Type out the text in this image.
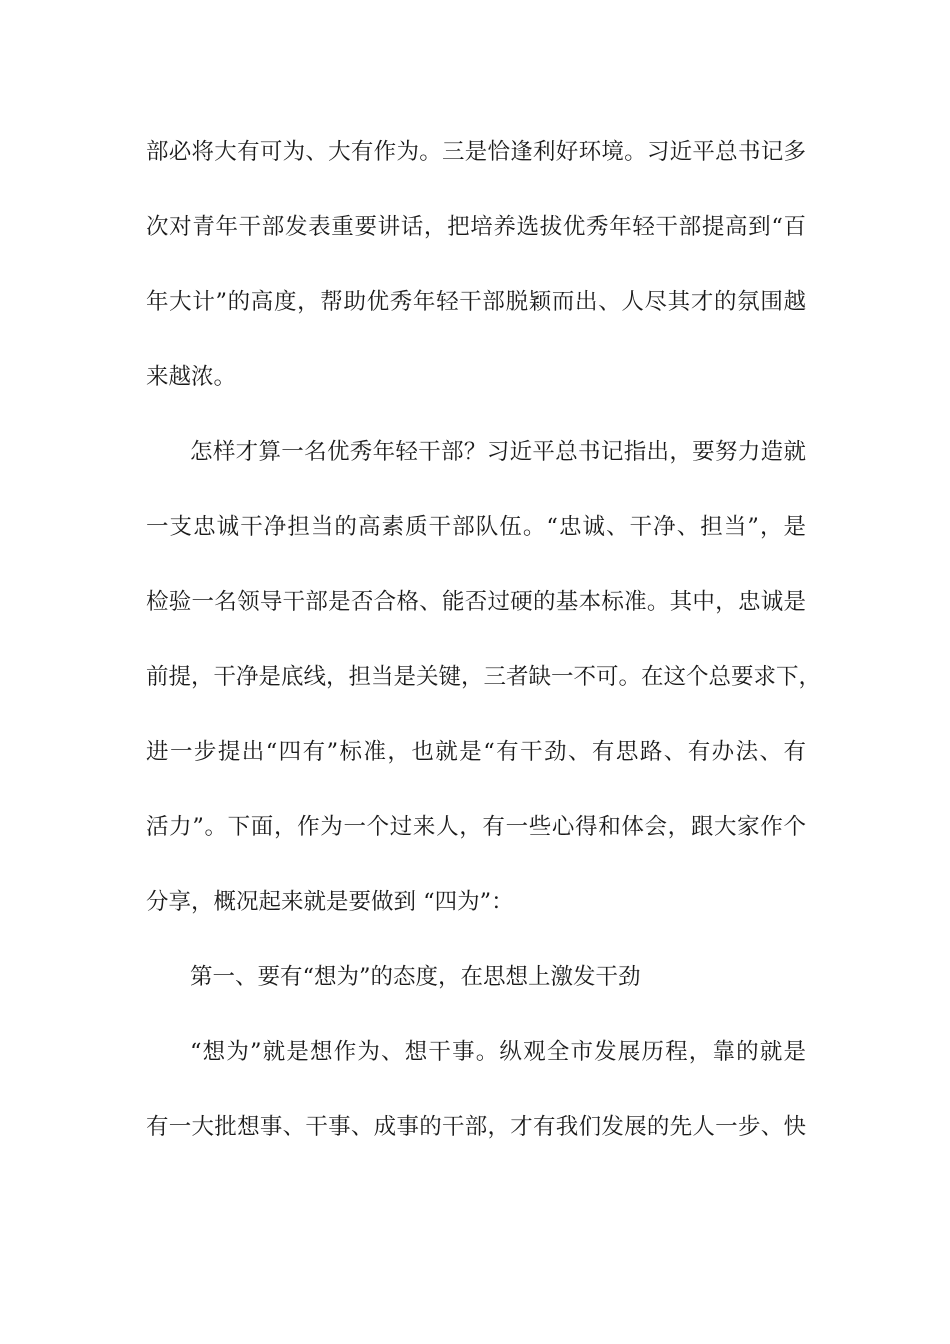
部必将大有可为、大有作为。三是恰逢利好环境。习近平总书记多
次对青年干部发表重要讲话，把培养选拔优秀年轻干部提高到“百
年大计”的高度，帮助优秀年轻干部脱颖而出、人尽其才的氛围越
来越浓。
怎样才算一名优秀年轻干部？习近平总书记指出，要努力造就
一支忠诚干净担当的高素质干部队伍。“忠诚、干净、担当”，是
检验一名领导干部是否合格、能否过硬的基本标准。其中，忠诚是
前提，干净是底线，担当是关键，三者缺一不可。在这个总要求下，
进一步提出“四有”标准，也就是“有干劲、有思路、有办法、有
活力”。下面，作为一个过来人，有一些心得和体会，跟大家作个
分享，概况起来就是要做到 “四为”：
第一、要有“想为”的态度，在思想上激发干劲
“想为”就是想作为、想干事。纵观全市发展历程，靠的就是
有一大批想事、干事、成事的干部，才有我们发展的先人一步、快
